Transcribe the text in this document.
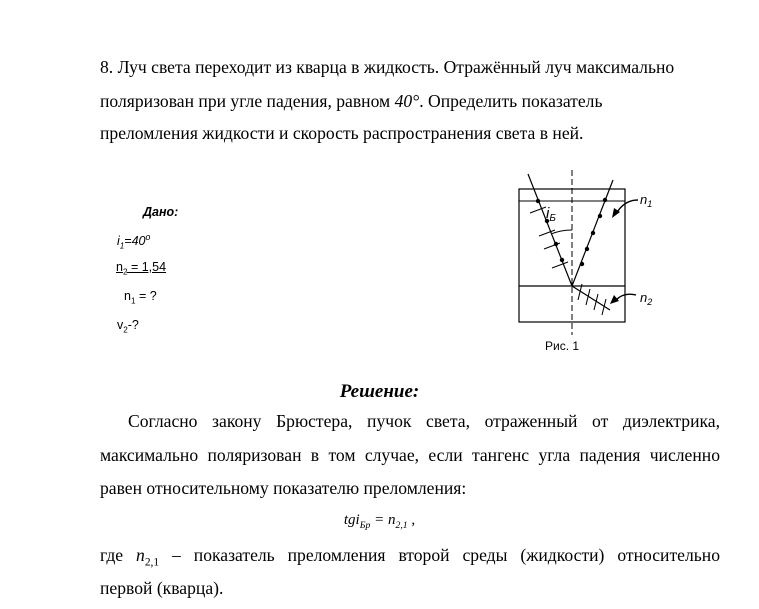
8. Луч света переходит из кварца в жидкость. Отражённый луч максимально
поляризован при угле падения, равном 40°. Определить показатель
преломления жидкости и скорость распространения света в ней.
Дано:
$i_1=40^o$
$n_2 = 1,54$
$n_1$ = ?
$v_2-$?
$i_Б$
$n_1$
$n_2$
Рис. 1
Решение:
Согласно закону Брюстера, пучок света, отраженный от диэлектрика,
максимально поляризован в том случае, если тангенс угла падения численно
равен относительному показателю преломления:
$tgi_{Бр} = n_{2,1}$ ,
где $n_{2,1}$ – показатель преломления второй среды (жидкости) относительно
первой (кварца).
